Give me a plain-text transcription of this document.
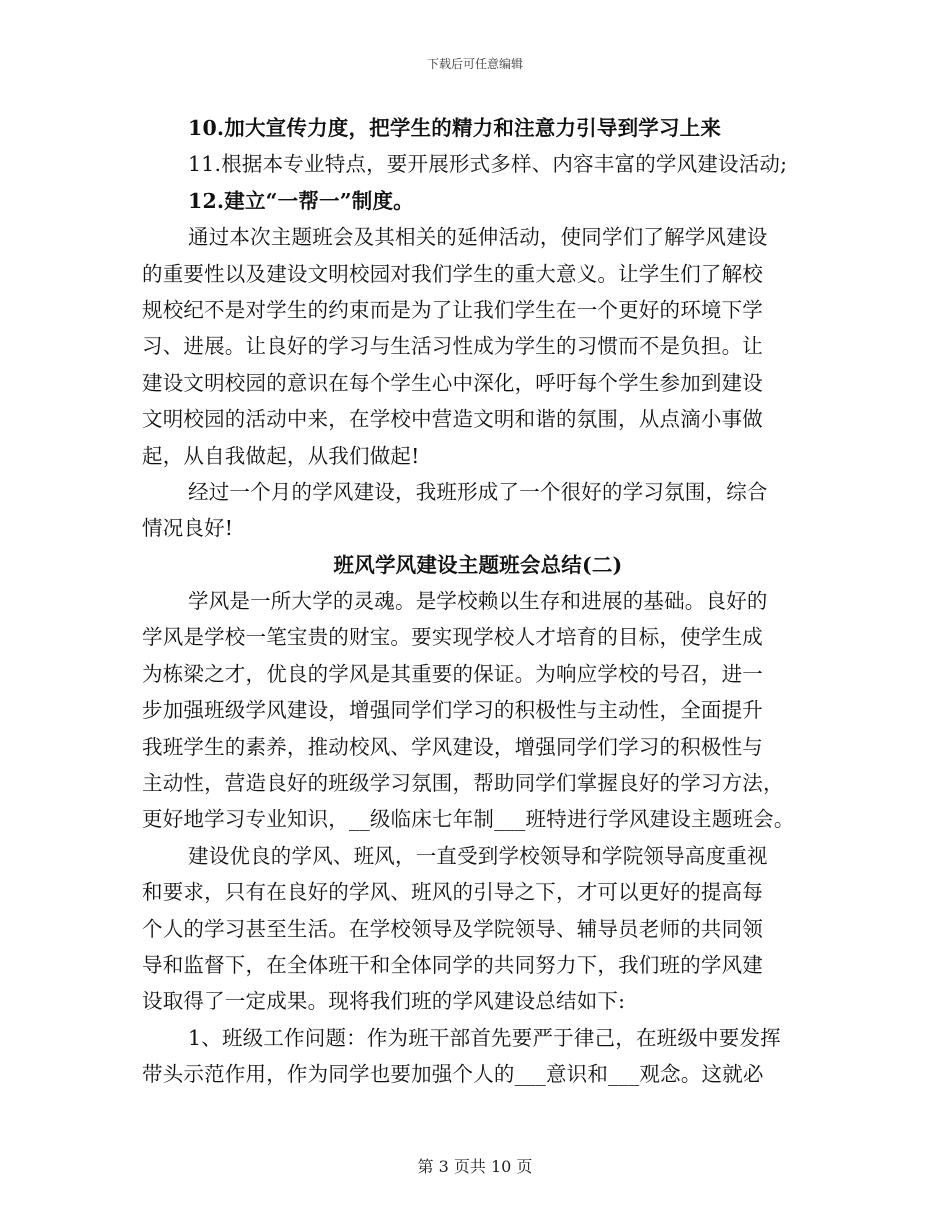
下载后可任意编辑
10.加大宣传力度，把学生的精力和注意力引导到学习上来
11.根据本专业特点，要开展形式多样、内容丰富的学风建设活动;
12.建立“一帮一”制度。
通过本次主题班会及其相关的延伸活动，使同学们了解学风建设
的重要性以及建设文明校园对我们学生的重大意义。让学生们了解校
规校纪不是对学生的约束而是为了让我们学生在一个更好的环境下学
习、进展。让良好的学习与生活习性成为学生的习惯而不是负担。让
建设文明校园的意识在每个学生心中深化，呼吁每个学生参加到建设
文明校园的活动中来，在学校中营造文明和谐的氛围，从点滴小事做
起，从自我做起，从我们做起!
经过一个月的学风建设，我班形成了一个很好的学习氛围，综合
情况良好!
班风学风建设主题班会总结(二)
学风是一所大学的灵魂。是学校赖以生存和进展的基础。良好的
学风是学校一笔宝贵的财宝。要实现学校人才培育的目标，使学生成
为栋梁之才，优良的学风是其重要的保证。为响应学校的号召，进一
步加强班级学风建设，增强同学们学习的积极性与主动性，全面提升
我班学生的素养，推动校风、学风建设，增强同学们学习的积极性与
主动性，营造良好的班级学习氛围，帮助同学们掌握良好的学习方法，
更好地学习专业知识，__级临床七年制___班特进行学风建设主题班会。
建设优良的学风、班风，一直受到学校领导和学院领导高度重视
和要求，只有在良好的学风、班风的引导之下，才可以更好的提高每
个人的学习甚至生活。在学校领导及学院领导、辅导员老师的共同领
导和监督下，在全体班干和全体同学的共同努力下，我们班的学风建
设取得了一定成果。现将我们班的学风建设总结如下:
1、班级工作问题：作为班干部首先要严于律己，在班级中要发挥
带头示范作用，作为同学也要加强个人的___意识和___观念。这就必
第 3 页共 10 页
